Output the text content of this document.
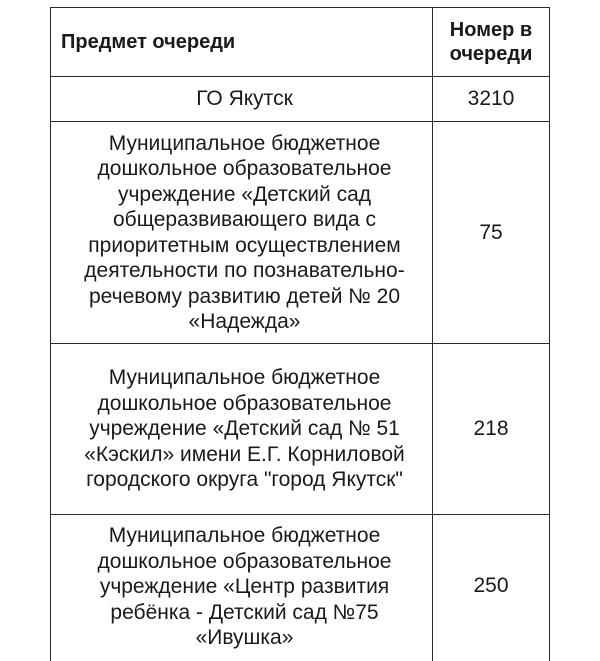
Предмет очереди	Номер в очереди
ГО Якутск	3210
Муниципальное бюджетное дошкольное образовательное учреждение «Детский сад общеразвивающего вида с приоритетным осуществлением деятельности по познавательно-речевому развитию детей № 20 «Надежда»	75
Муниципальное бюджетное дошкольное образовательное учреждение «Детский сад № 51 «Кэскил» имени Е.Г. Корниловой городского округа "город Якутск"	218
Муниципальное бюджетное дошкольное образовательное учреждение «Центр развития ребёнка - Детский сад №75 «Ивушка»	250
